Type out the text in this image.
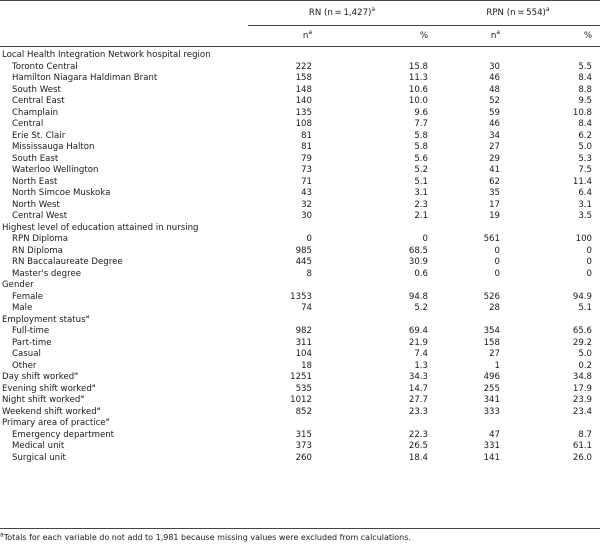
	RN (n = 1,427)$^a$		RPN (n = 554)$^a$
	$n^a$	%	$n^a$	%
Local Health Integration Network hospital region				
Toronto Central	222	15.8	30	5.5
Hamilton Niagara Haldiman Brant	158	11.3	46	8.4
South West	148	10.6	48	8.8
Central East	140	10.0	52	9.5
Champlain	135	9.6	59	10.8
Central	108	7.7	46	8.4
Erie St. Clair	81	5.8	34	6.2
Mississauga Halton	81	5.8	27	5.0
South East	79	5.6	29	5.3
Waterloo Wellington	73	5.2	41	7.5
North East	71	5.1	62	11.4
North Simcoe Muskoka	43	3.1	35	6.4
North West	32	2.3	17	3.1
Central West	30	2.1	19	3.5
Highest level of education attained in nursing				
RPN Diploma	0	0	561	100
RN Diploma	985	68.5	0	0
RN Baccalaureate Degree	445	30.9	0	0
Master's degree	8	0.6	0	0
Gender				
Female	1353	94.8	526	94.9
Male	74	5.2	28	5.1
Employment status$^a$				
Full-time	982	69.4	354	65.6
Part-time	311	21.9	158	29.2
Casual	104	7.4	27	5.0
Other	18	1.3	1	0.2
Day shift worked$^a$	1251	34.3	496	34.8
Evening shift worked$^a$	535	14.7	255	17.9
Night shift worked$^a$	1012	27.7	341	23.9
Weekend shift worked$^a$	852	23.3	333	23.4
Primary area of practice$^a$				
Emergency department	315	22.3	47	8.7
Medical unit	373	26.5	331	61.1
Surgical unit	260	18.4	141	26.0
$^a$Totals for each variable do not add to 1,981 because missing values were excluded from calculations.
